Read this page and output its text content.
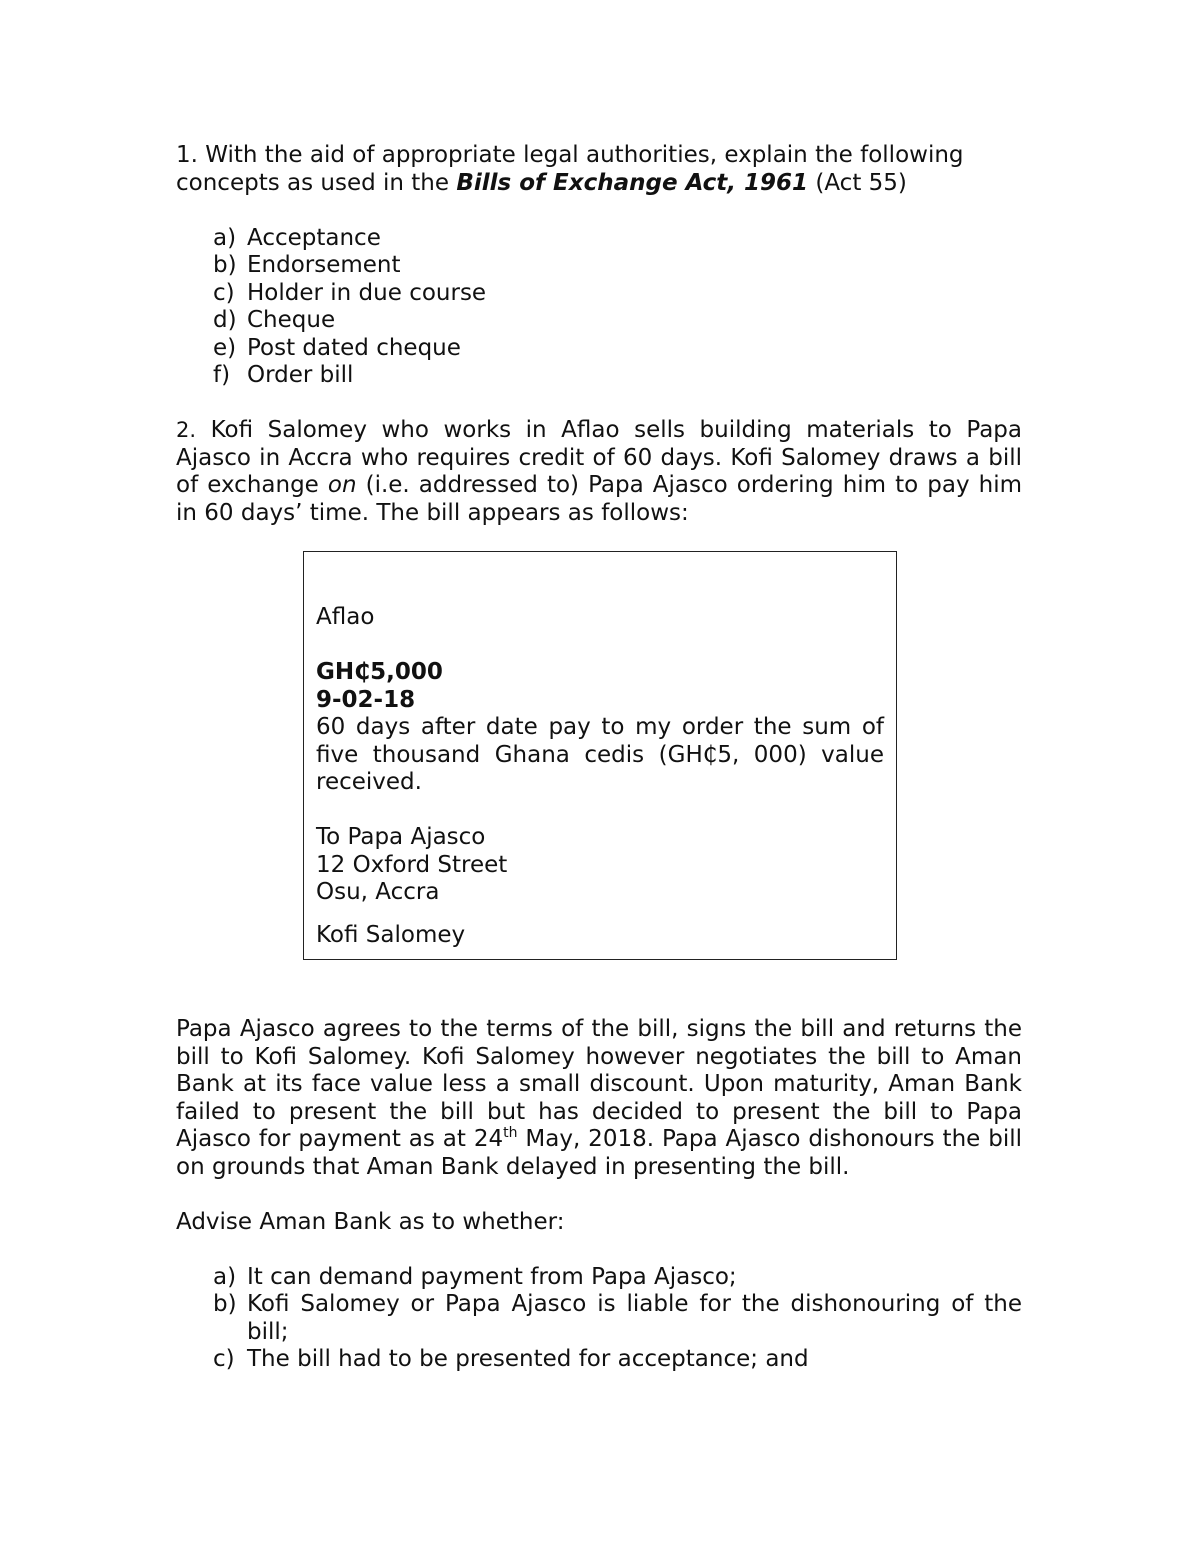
1. With the aid of appropriate legal authorities, explain the following concepts as used in the Bills of Exchange Act, 1961 (Act 55)

a) Acceptance
b) Endorsement
c) Holder in due course
d) Cheque
e) Post dated cheque
f) Order bill

2. Kofi Salomey who works in Aflao sells building materials to Papa Ajasco in Accra who requires credit of 60 days. Kofi Salomey draws a bill of exchange on (i.e. addressed to) Papa Ajasco ordering him to pay him in 60 days’ time. The bill appears as follows:

Aflao

GH₵5,000

9-02-18

60 days after date pay to my order the sum of five thousand Ghana cedis (GH₵5, 000) value received.

To Papa Ajasco

12 Oxford Street

Osu, Accra

Kofi Salomey

Papa Ajasco agrees to the terms of the bill, signs the bill and returns the bill to Kofi Salomey. Kofi Salomey however negotiates the bill to Aman Bank at its face value less a small discount. Upon maturity, Aman Bank failed to present the bill but has decided to present the bill to Papa Ajasco for payment as at 24th May, 2018. Papa Ajasco dishonours the bill on grounds that Aman Bank delayed in presenting the bill.

Advise Aman Bank as to whether:

a) It can demand payment from Papa Ajasco;
b) Kofi Salomey or Papa Ajasco is liable for the dishonouring of the bill;
c) The bill had to be presented for acceptance; and
